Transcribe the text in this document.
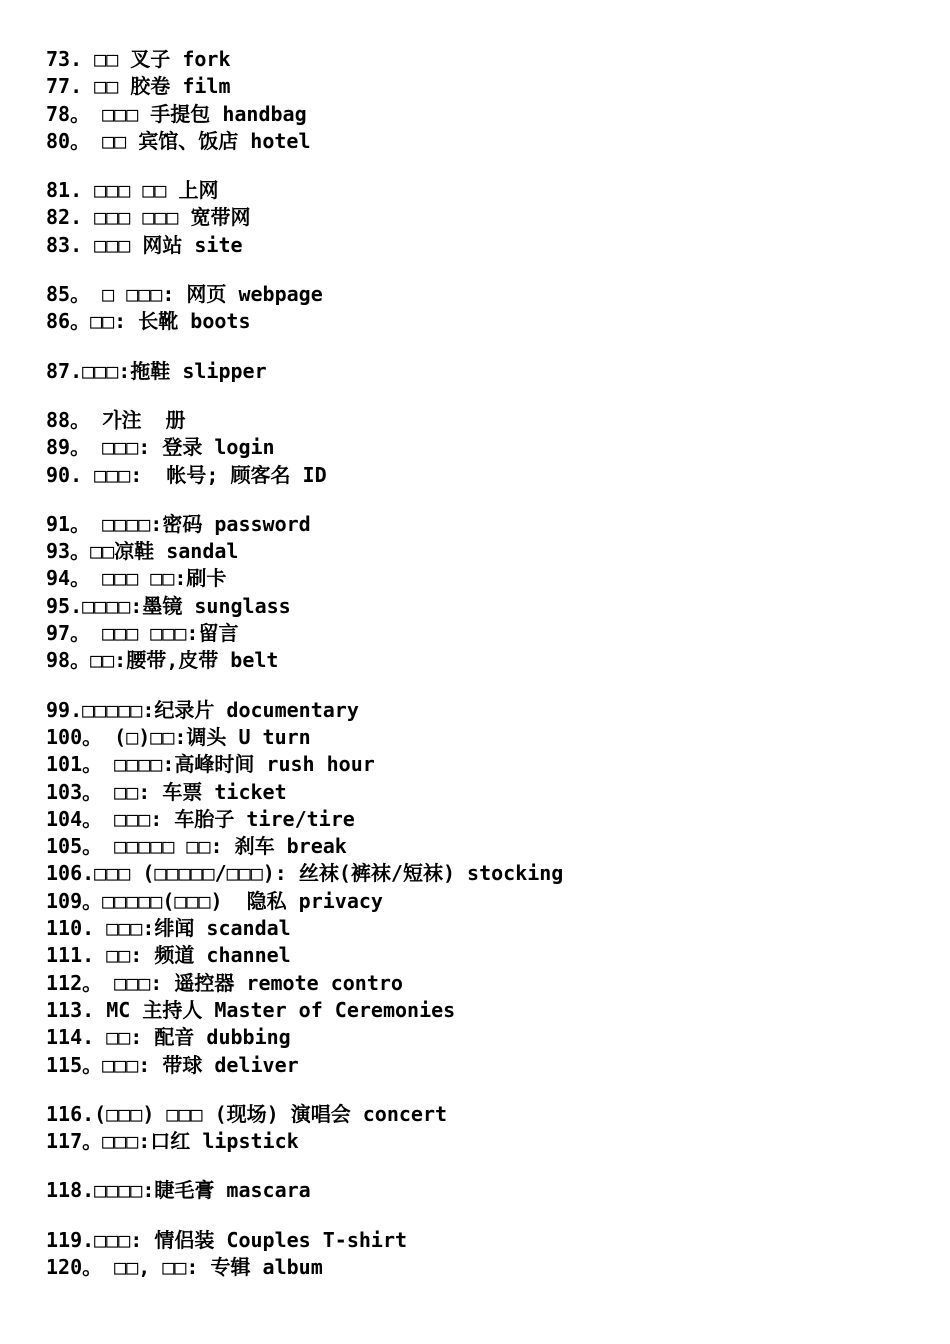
73. □□ 叉子 fork
77. □□ 胶卷 film
78。 □□□ 手提包 handbag
80。 □□ 宾馆、饭店 hotel
81. □□□ □□ 上网
82. □□□ □□□ 宽带网
83. □□□ 网站 site
85。 □ □□□: 网页 webpage
86。□□: 长靴 boots
87.□□□:拖鞋 slipper
88。 가注  册
89。 □□□: 登录 login
90. □□□:  帐号; 顾客名 ID
91。 □□□□:密码 password
93。□□凉鞋 sandal
94。 □□□ □□:刷卡
95.□□□□:墨镜 sunglass
97。 □□□ □□□:留言
98。□□:腰带,皮带 belt
99.□□□□□:纪录片 documentary
100。 (□)□□:调头 U turn
101。 □□□□:高峰时间 rush hour
103。 □□: 车票 ticket
104。 □□□: 车胎子 tire/tire
105。 □□□□□ □□: 刹车 break
106.□□□ (□□□□□/□□□): 丝袜(裤袜/短袜) stocking
109。□□□□□(□□□)  隐私 privacy
110. □□□:绯闻 scandal
111. □□: 频道 channel
112。 □□□: 遥控器 remote contro
113. MC 主持人 Master of Ceremonies
114. □□: 配音 dubbing
115。□□□: 带球 deliver
116.(□□□) □□□ (现场) 演唱会 concert
117。□□□:口红 lipstick
118.□□□□:睫毛膏 mascara
119.□□□: 情侣装 Couples T-shirt
120。 □□, □□: 专辑 album
